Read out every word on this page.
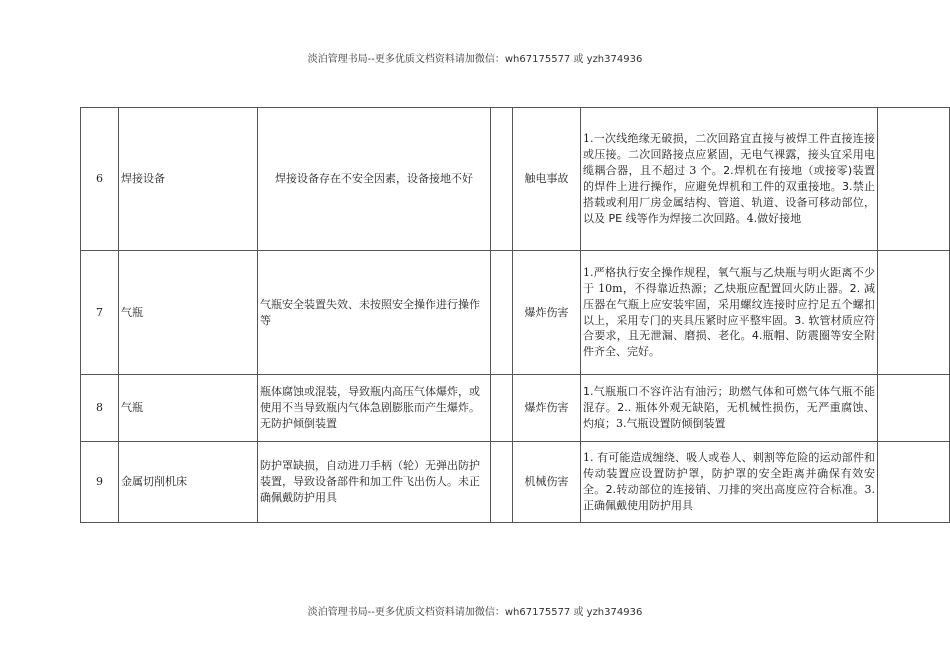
淡泊管理书局--更多优质文档资料请加微信：wh67175577 或 yzh374936
6	焊接设备	焊接设备存在不安全因素，设备接地不好		触电事故	1.一次线绝缘无破损，二次回路宜直接与被焊工件直接连接或压接。二次回路接点应紧固，无电气裸露，接头宜采用电缆耦合器，且不超过 3 个。2.焊机在有接地（或接零)装置的焊件上进行操作，应避免焊机和工件的双重接地。3.禁止搭载或利用厂房金属结构、管道、轨道、设备可移动部位，以及 PE 线等作为焊接二次回路。4.做好接地	
7	气瓶	气瓶安全装置失效、未按照安全操作进行操作等		爆炸伤害	1.严格执行安全操作规程，氧气瓶与乙炔瓶与明火距离不少于 10m，不得靠近热源；乙炔瓶应配置回火防止器。2. 减压器在气瓶上应安装牢固，采用螺纹连接时应拧足五个螺扣以上，采用专门的夹具压紧时应平整牢固。3. 软管材质应符合要求，且无泄漏、磨损、老化。4.瓶帽、防震圈等安全附件齐全、完好。	
8	气瓶	瓶体腐蚀或混装，导致瓶内高压气体爆炸，或使用不当导致瓶内气体急剧膨胀而产生爆炸。无防护倾倒装置		爆炸伤害	1.气瓶瓶口不容许沾有油污；助燃气体和可燃气体气瓶不能混存。2.. 瓶体外观无缺陷，无机械性损伤，无严重腐蚀、灼痕；3.气瓶设置防倾倒装置	
9	金属切削机床	防护罩缺损，自动进刀手柄（轮）无弹出防护装置，导致设备部件和加工件飞出伤人。未正确佩戴防护用具		机械伤害	1. 有可能造成缠绕、吸人或卷人、刺割等危险的运动部件和 传动装置应设置防护罩，防护罩的安全距离并确保有效安全。2.转动部位的连接销、刀排的突出高度应符合标准。3. 正确佩戴使用防护用具	
淡泊管理书局--更多优质文档资料请加微信：wh67175577 或 yzh374936
